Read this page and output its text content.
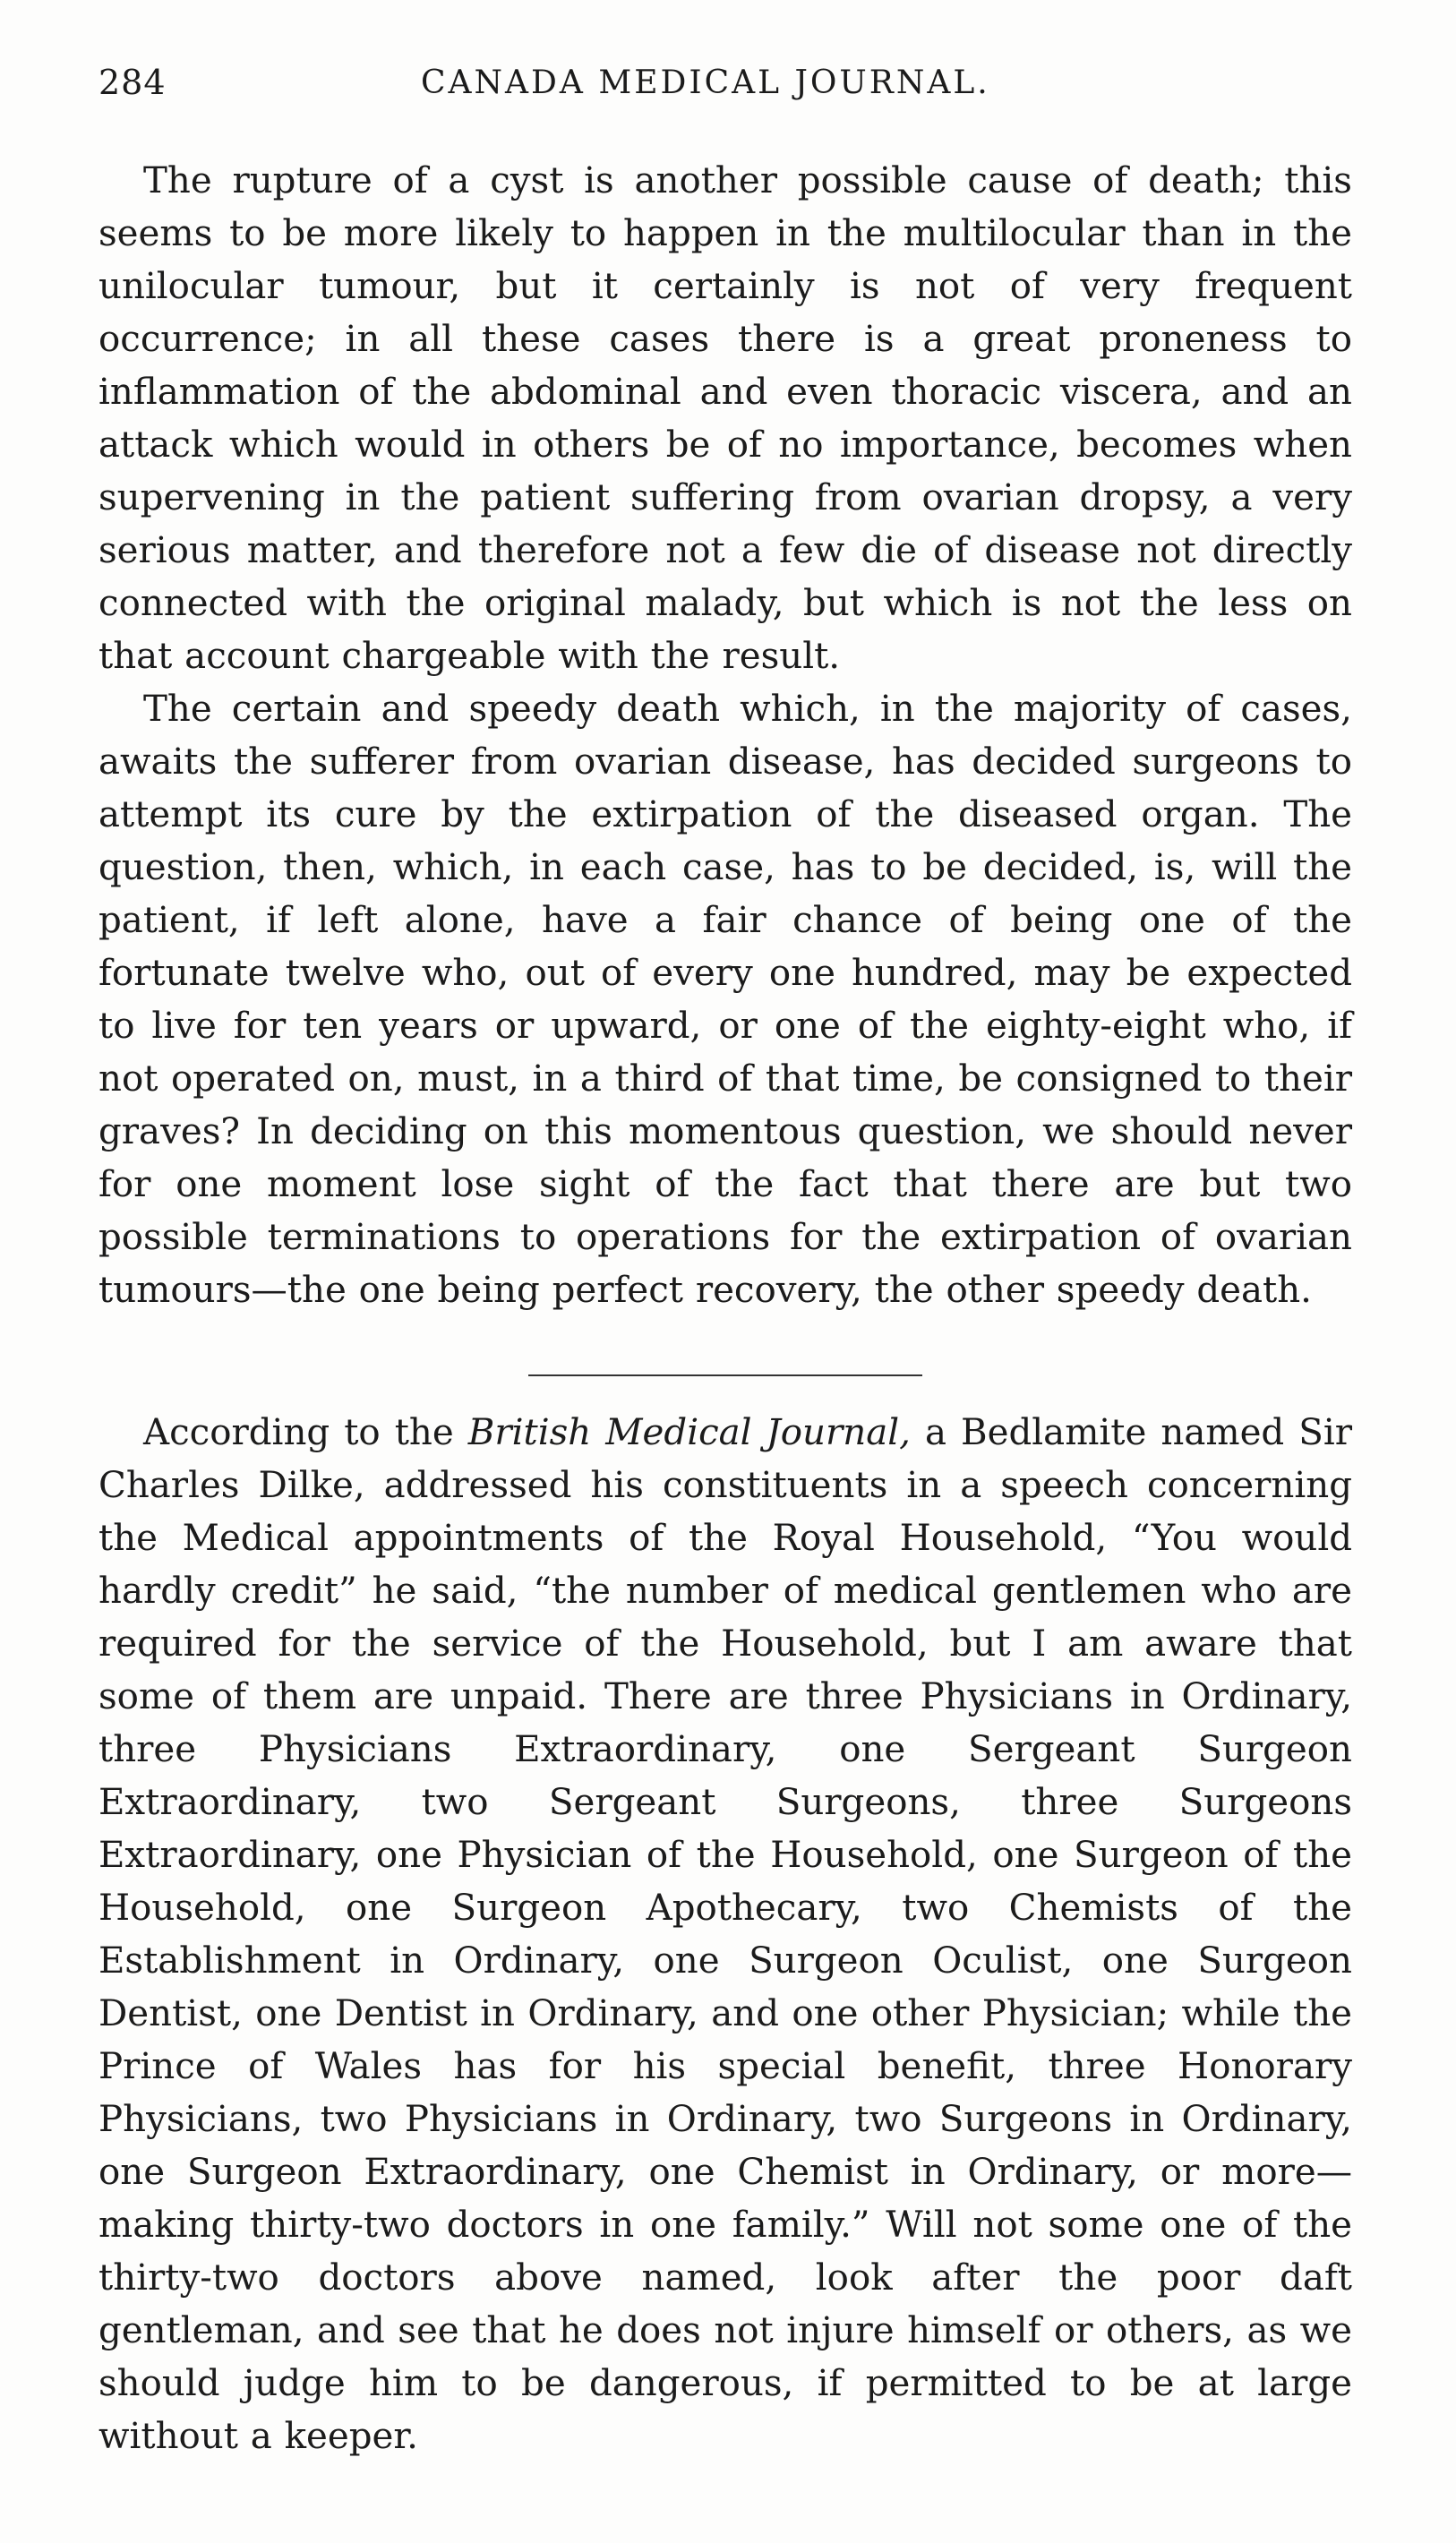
284	CANADA MEDICAL JOURNAL.

The rupture of a cyst is another possible cause of death; this seems to be more likely to happen in the multilocular than in the unilocular tumour, but it certainly is not of very frequent occurrence; in all these cases there is a great proneness to inflammation of the abdominal and even thoracic viscera, and an attack which would in others be of no importance, becomes when supervening in the patient suffering from ovarian dropsy, a very serious matter, and therefore not a few die of disease not directly connected with the original malady, but which is not the less on that account chargeable with the result.

The certain and speedy death which, in the majority of cases, awaits the sufferer from ovarian disease, has decided surgeons to attempt its cure by the extirpation of the diseased organ. The question, then, which, in each case, has to be decided, is, will the patient, if left alone, have a fair chance of being one of the fortunate twelve who, out of every one hundred, may be expected to live for ten years or upward, or one of the eighty-eight who, if not operated on, must, in a third of that time, be consigned to their graves? In deciding on this momentous question, we should never for one moment lose sight of the fact that there are but two possible terminations to operations for the extirpation of ovarian tumours—the one being perfect recovery, the other speedy death.

According to the British Medical Journal, a Bedlamite named Sir Charles Dilke, addressed his constituents in a speech concerning the Medical appointments of the Royal Household, “You would hardly credit” he said, “the number of medical gentlemen who are required for the service of the Household, but I am aware that some of them are unpaid. There are three Physicians in Ordinary, three Physicians Extraordinary, one Sergeant Surgeon Extraordinary, two Sergeant Surgeons, three Surgeons Extraordinary, one Physician of the Household, one Surgeon of the Household, one Surgeon Apothecary, two Chemists of the Establishment in Ordinary, one Surgeon Oculist, one Surgeon Dentist, one Dentist in Ordinary, and one other Physician; while the Prince of Wales has for his special benefit, three Honorary Physicians, two Physicians in Ordinary, two Surgeons in Ordinary, one Surgeon Extraordinary, one Chemist in Ordinary, or more—making thirty-two doctors in one family.” Will not some one of the thirty-two doctors above named, look after the poor daft gentleman, and see that he does not injure himself or others, as we should judge him to be dangerous, if permitted to be at large without a keeper.
